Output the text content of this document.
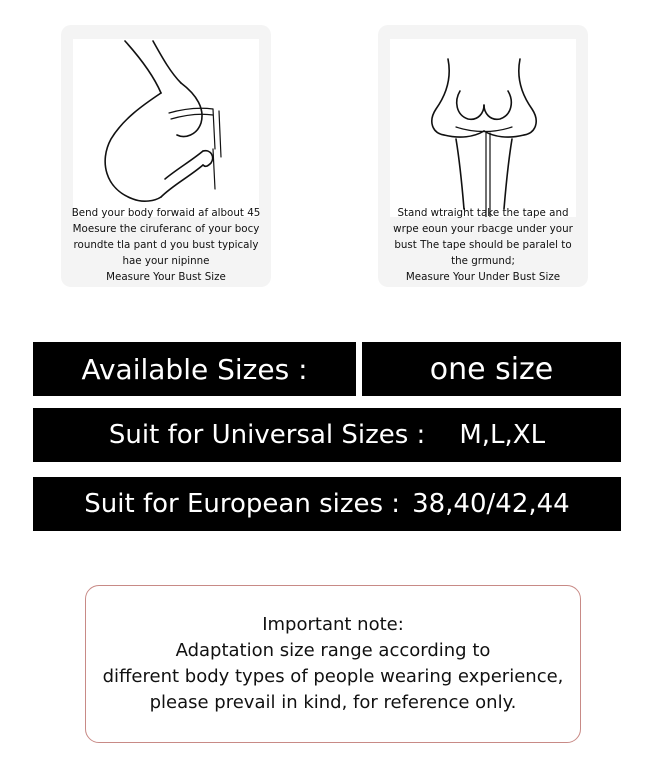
Bend your body forwaid af albout 45
Moesure the ciruferanc of your bocy
roundte tla pant d you bust typicaly
hae your nipinne
Measure Your Bust Size
Stand wtraight take the tape and
wrpe eoun your rbacge under your
bust The tape should be paralel to
the grmund;
Measure Your Under Bust Size
Available Sizes :	one size
Suit for Universal Sizes : M,L,XL
Suit for European sizes : 38,40/42,44
Important note:
Adaptation size range according to
different body types of people wearing experience,
please prevail in kind, for reference only.
